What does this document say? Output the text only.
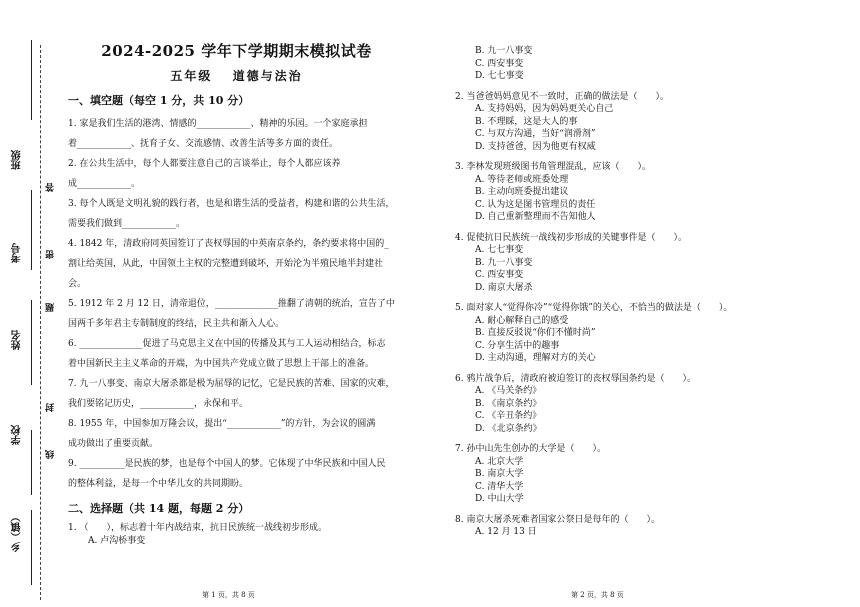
班级
考号
姓名
学校
乡（镇）
答
密
题
封
线
2024-2025 学年下学期期末模拟试卷
五年级　 道德与法治
一、填空题（每空 1 分，共 10 分）

1. 家是我们生活的港湾、情感的____________、精神的乐园。一个家庭承担

着____________、抚育子女、交流感情、改善生活等多方面的责任。

2. 在公共生活中，每个人都要注意自己的言谈举止，每个人都应该养

成____________。

3. 每个人既是文明礼貌的践行者，也是和谐生活的受益者，构建和谐的公共生活，

需要我们做到____________。

4. 1842 年，清政府同英国签订了丧权辱国的中英南京条约，条约要求将中国的_

割让给英国，从此，中国领土主权的完整遭到破坏，开始沦为半殖民地半封建社

会。

5. 1912 年 2 月 12 日，清帝退位，______________推翻了清朝的统治，宣告了中

国两千多年君主专制制度的终结，民主共和渐入人心。

6. ______________促进了马克思主义在中国的传播及其与工人运动相结合，标志

着中国新民主主义革命的开端，为中国共产党成立做了思想上干部上的准备。

7. 九一八事变、南京大屠杀都是极为屈辱的记忆，它是民族的苦难、国家的灾难，

我们要铭记历史，____________，永保和平。

8. 1955 年，中国参加万隆会议，提出“____________”的方针，为会议的圆满

成功做出了重要贡献。

9. __________是民族的梦，也是每个中国人的梦。它体现了中华民族和中国人民

的整体利益，是每一个中华儿女的共同期盼。

二、选择题（共 14 题，每题 2 分）

1. （　　），标志着十年内战结束，抗日民族统一战线初步形成。

A. 卢沟桥事变

B. 九一八事变

C. 西安事变

D. 七七事变

2. 当爸爸妈妈意见不一致时，正确的做法是（　　）。

A. 支持妈妈，因为妈妈更关心自己

B. 不理睬，这是大人的事

C. 与双方沟通，当好“润滑剂”

D. 支持爸爸，因为他更有权威

3. 李林发现班级图书角管理混乱，应该（　　）。

A. 等待老师或班委处理

B. 主动向班委提出建议

C. 认为这是图书管理员的责任

D. 自己重新整理而不告知他人

4. 促使抗日民族统一战线初步形成的关键事件是（　　）。

A. 七七事变

B. 九一八事变

C. 西安事变

D. 南京大屠杀

5. 面对家人“觉得你冷”“觉得你饿”的关心，不恰当的做法是（　　）。

A. 耐心解释自己的感受

B. 直接反驳说“你们不懂时尚”

C. 分享生活中的趣事

D. 主动沟通，理解对方的关心

6. 鸦片战争后，清政府被迫签订的丧权辱国条约是（　　）。

A. 《马关条约》

B. 《南京条约》

C. 《辛丑条约》

D. 《北京条约》

7. 孙中山先生创办的大学是（　　）。

A. 北京大学

B. 南京大学

C. 清华大学

D. 中山大学

8. 南京大屠杀死难者国家公祭日是每年的（　　）。

A. 12 月 13 日

第 1 页，共 8 页	第 2 页，共 8 页
